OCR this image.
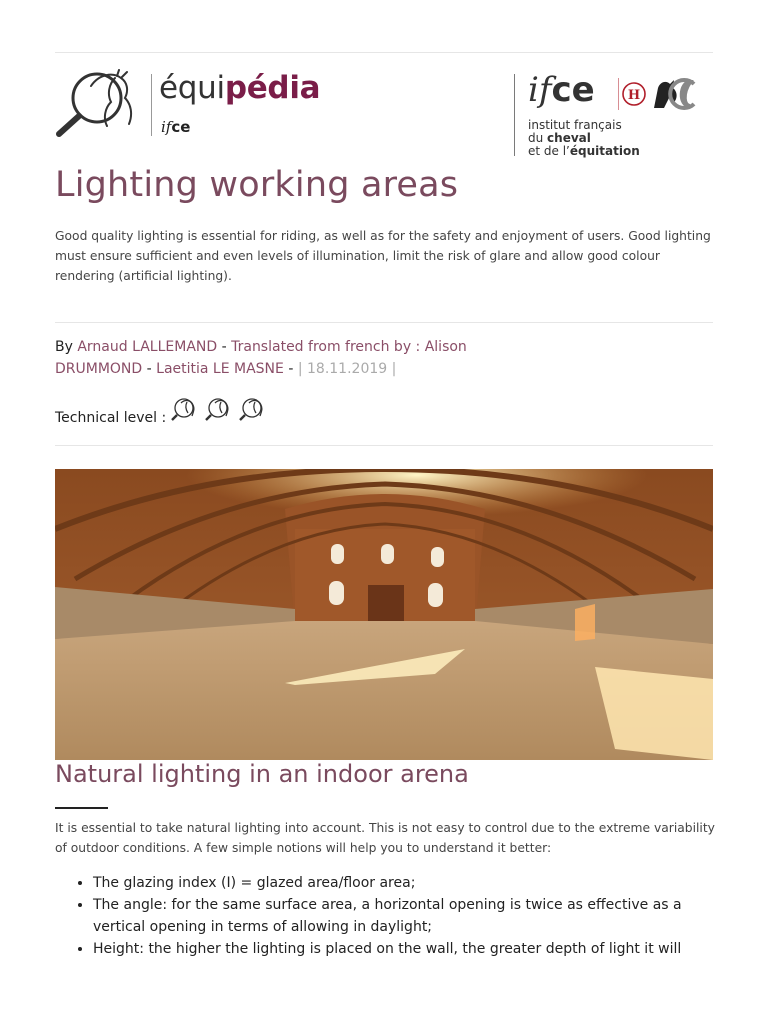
équipédia
ifce
ifce	H
institut français
du cheval
et de l’équitation
Lighting working areas
Good quality lighting is essential for riding, as well as for the safety and enjoyment of users. Good lighting must ensure sufficient and even levels of illumination, limit the risk of glare and allow good colour rendering (artificial lighting).
By Arnaud LALLEMAND - Translated from french by : Alison DRUMMOND - Laetitia LE MASNE - | 18.11.2019 |
Technical level :
Natural lighting in an indoor arena
It is essential to take natural lighting into account. This is not easy to control due to the extreme variability of outdoor conditions. A few simple notions will help you to understand it better:
• The glazing index (I) = glazed area/floor area;
• The angle: for the same surface area, a horizontal opening is twice as effective as a vertical opening in terms of allowing in daylight;
• Height: the higher the lighting is placed on the wall, the greater depth of light it will
